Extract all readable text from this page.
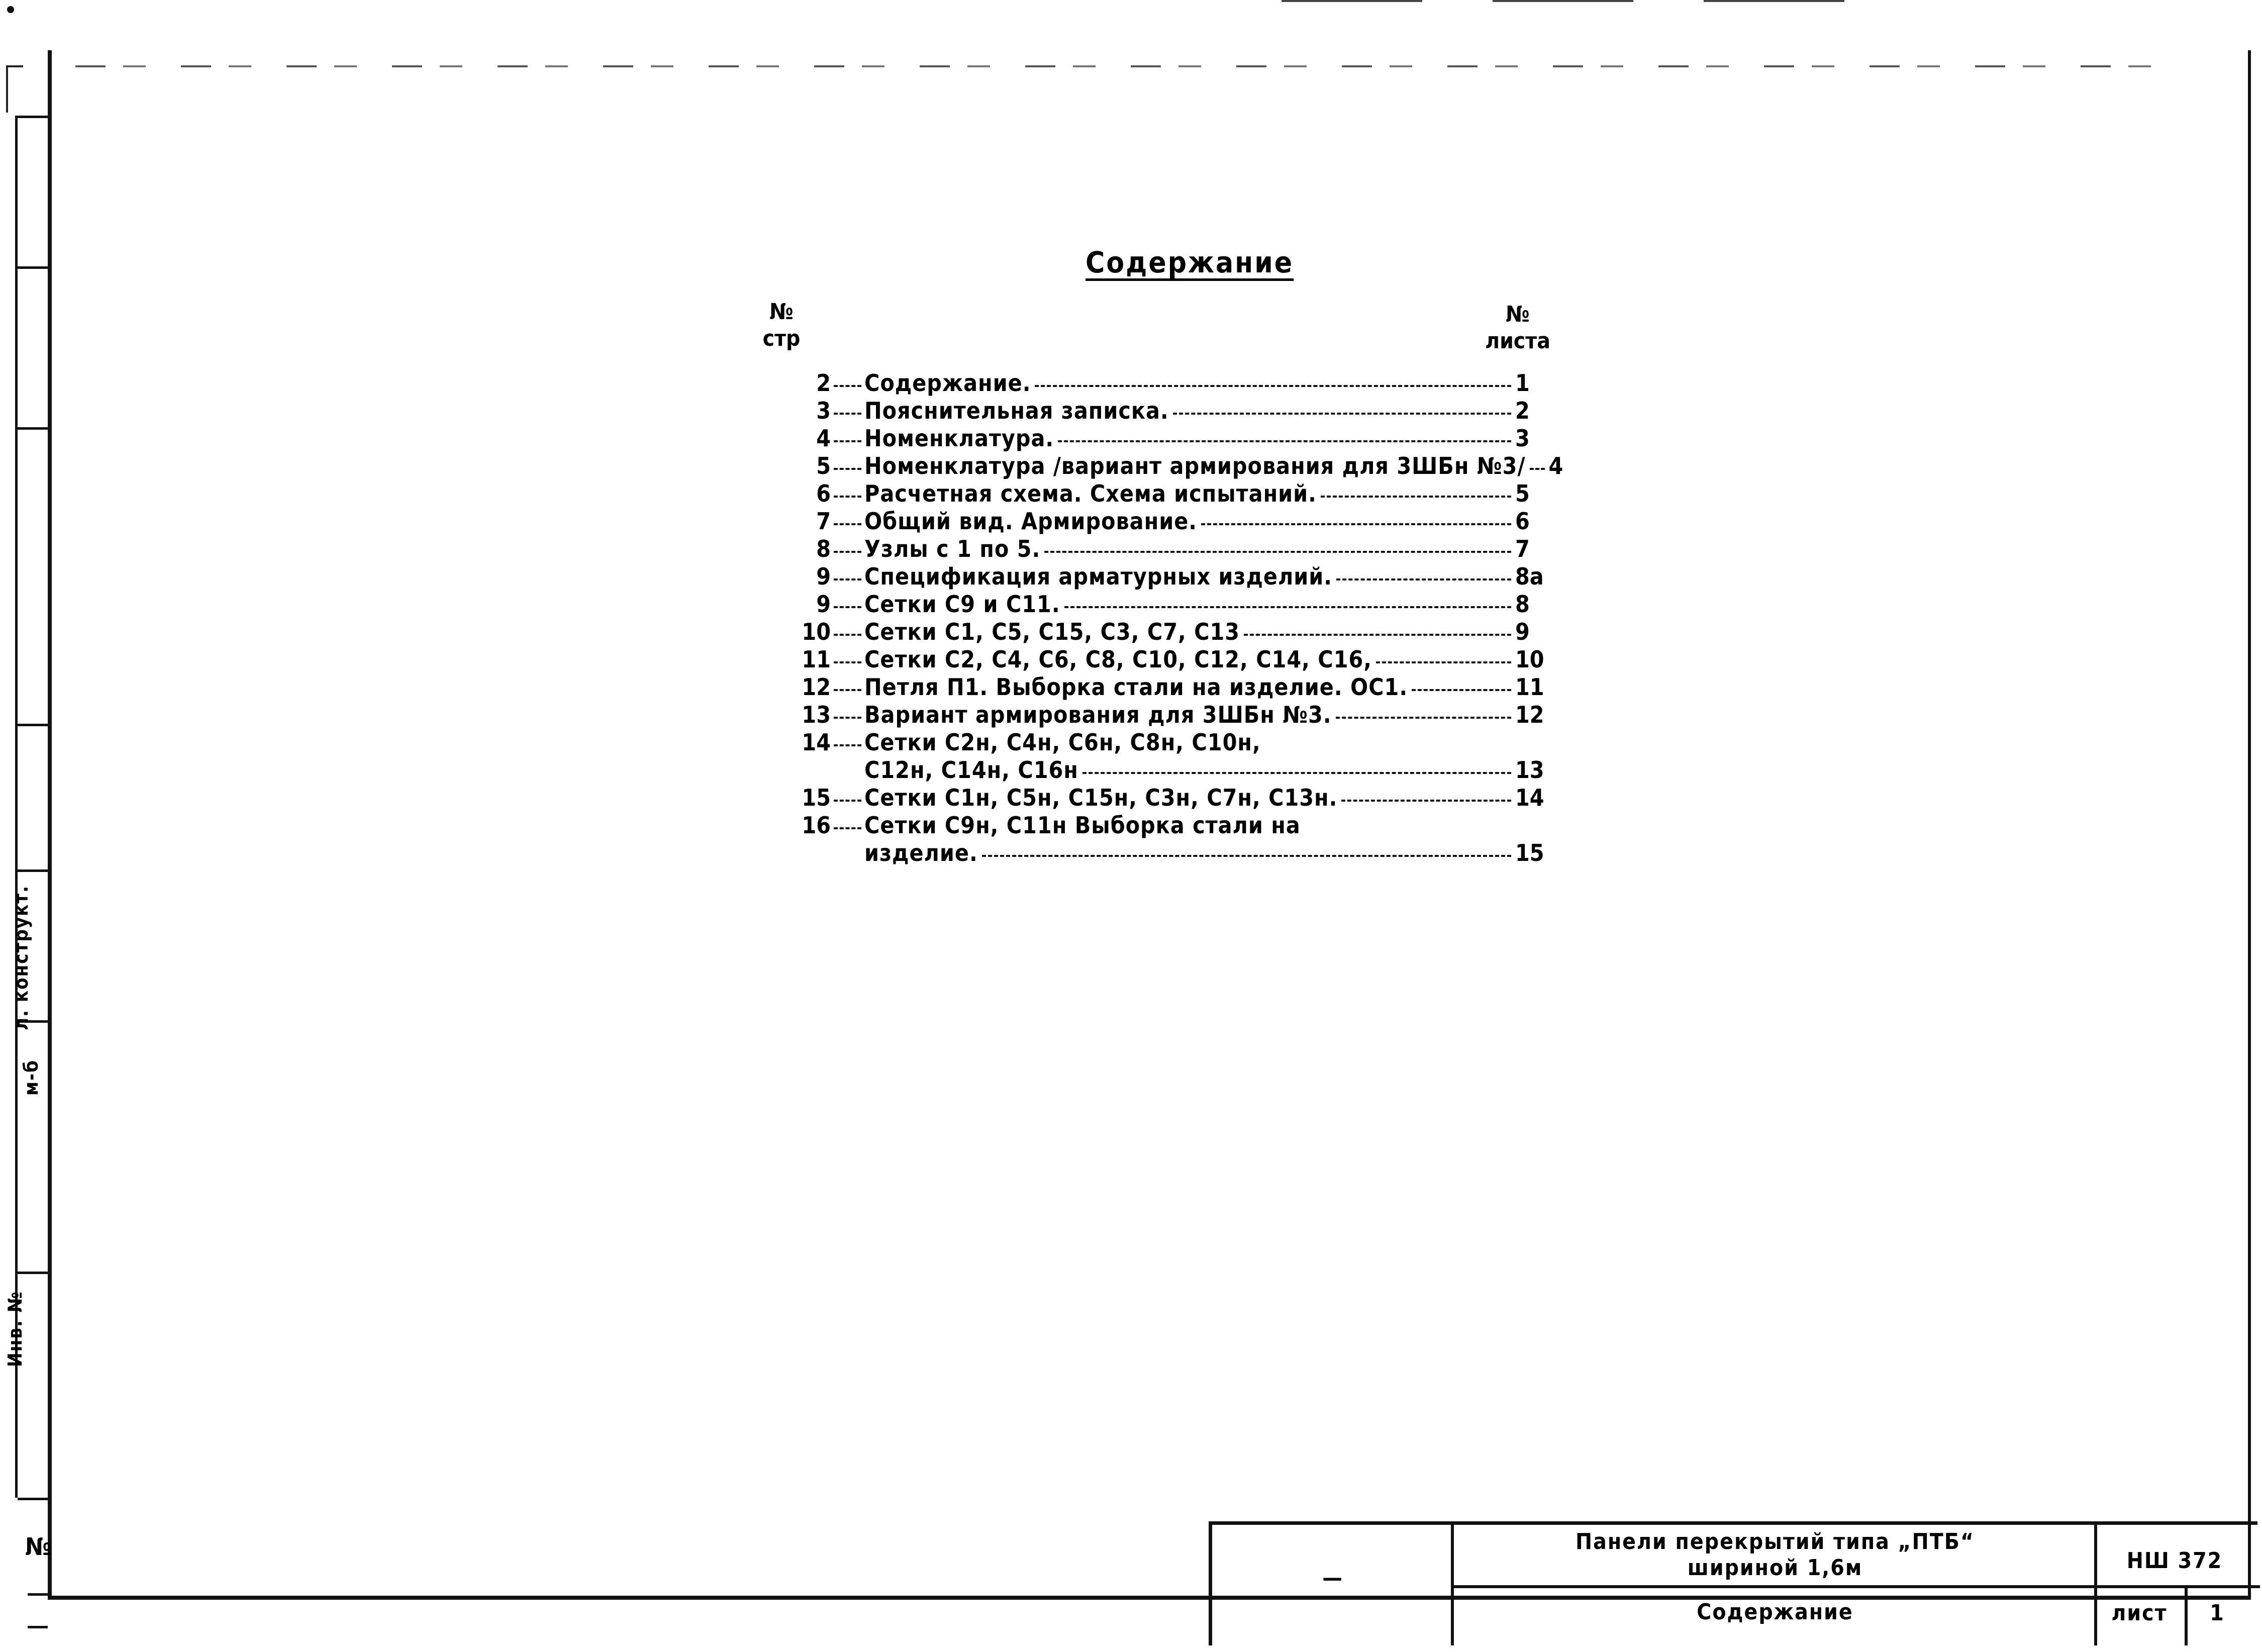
Инв. №
м-б
л. конструкт.
№
Содержание
№
стр
№
листа
2 Содержание.	1
3 Пояснительная записка.	2
4 Номенклатура.	3
5 Номенклатура /вариант армирования для 3ШБн №3/ 4
6 Расчетная схема. Схема испытаний.	5
7 Общий вид. Армирование.	6
8 Узлы с 1 по 5.	7
9 Спецификация арматурных изделий.	8а
9 Сетки С9 и С11.	8
10 Сетки С1, С5, С15, С3, С7, С13	9
11 Сетки С2, С4, С6, С8, С10, С12, С14, С16,	10
12 Петля П1. Выборка стали на изделие. ОС1.	11
13 Вариант армирования для 3ШБн №3.	12
14 Сетки С2н, С4н, С6н, С8н, С10н,
С12н, С14н, С16н	13
15 Сетки С1н, С5н, С15н, С3н, С7н, С13н.	14
16 Сетки С9н, С11н Выборка стали на
изделие.	15
—
Панели перекрытий типа „ПТБ“
шириной 1,6м
Содержание
НШ 372
лист	1
